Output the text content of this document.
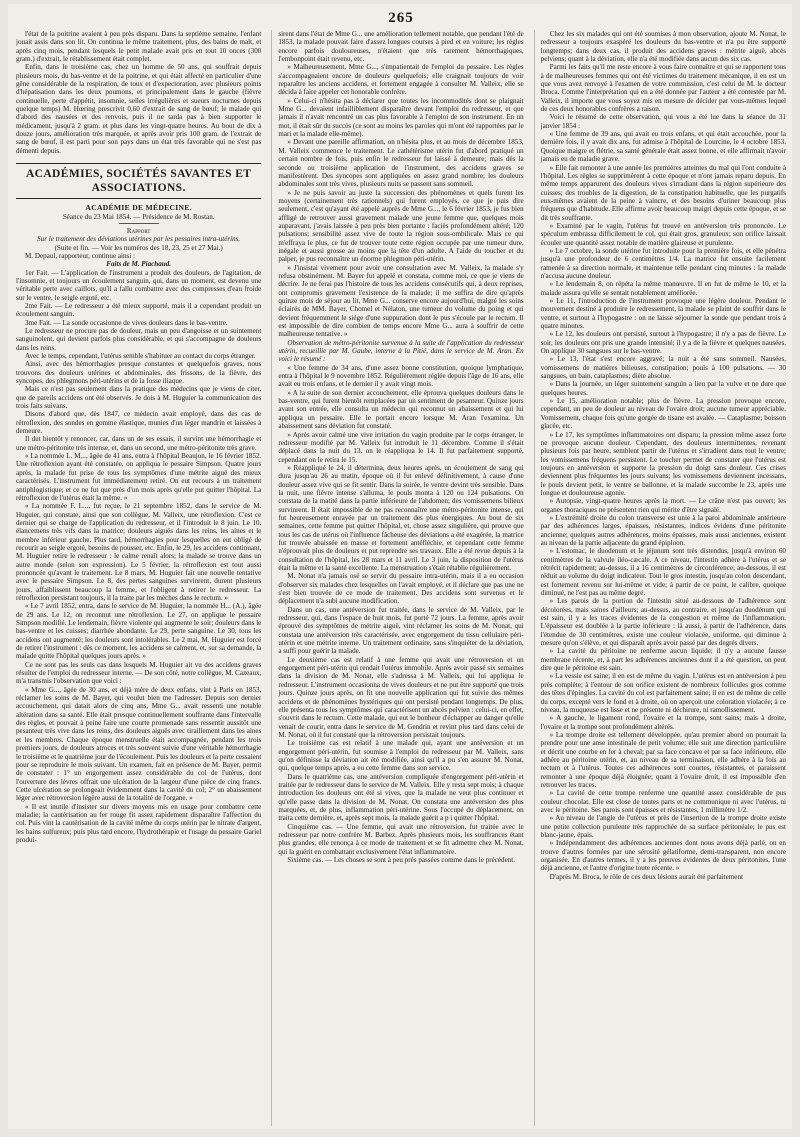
265

l'état de la poitrine avaient à peu près disparu. Dans la septième semaine, l'enfant jouait assis dans son lit. On continua le même traitement, plus, des bains de malt, et après cinq mois, pendant lesquels le petit malade avait pris en tout 10 onces (300 gram.) d'extrait, le rétablissement était complet.

Enfin, dans le troisième cas, chez un homme de 50 ans, qui souffrait depuis plusieurs mois, du bas-ventre et de la poitrine, et qui était affecté en particulier d'une gêne considérable de la respiration, de toux et d'expectoration, avec plusieurs points d'hépatisation dans les deux poumons, et principalement dans le gauche (fièvre continuelle, perte d'appétit, insomnie, selles irrégulières et sueurs nocturnes depuis quelque temps) M. Hœring prescrivit 0,60 d'extrait de sang de bœuf; le malade qui d'abord des nausées et des renvois, puis il ne tarda pas à bien supporter le médicament, jusqu'à 2 gram. et plus dans les vingt-quatre heures. Au bout de dix à douze jours, amélioration très marquée, et après avoir pris 100 gram. de l'extrait de sang de bœuf, il est parti pour son pays dans un état très favorable qui ne s'est pas démenti depuis.

ACADÉMIES, SOCIÉTÉS SAVANTES ET ASSOCIATIONS.

ACADÉMIE DE MÉDECINE.

Séance du 23 Mai 1854. — Présidence de M. Rostan.

Rapport

Sur le traitement des déviations utérines par les pessaires intra-utérins.

(Suite et fin. — Voir les numéros des 18, 23, 25 et 27 Mai.)

M. Depaul, rapporteur, continue ainsi :

Faits de M. Piachaud.

1er Fait. — L'application de l'instrument a produit des douleurs, de l'agitation, de l'insomnie, et toujours un écoulement sanguin, qui, dans un moment, est devenu une véritable perte avec caillots, qu'il a fallu combattre avec des compresses d'eau froide sur le ventre, le seigle ergoté, etc.

2me Fait. — Le redresseur a été mieux supporté, mais il a cependant produit un écoulement sanguin.

3me Fait. — La sonde occasionne de vives douleurs dans le bas-ventre.

Le redresseur ne procure pas de douleur, mais un peu d'angoisse et un suintement sanguinolent, qui devient parfois plus considérable, et qui s'accompagne de douleurs dans les reins.

Avec le temps, cependant, l'utérus semble s'habituer au contact du corps étranger.

Ainsi, avec des hémorrhagies presque constantes et quelquefois graves, nous trouvons des douleurs utérines et abdominales, des frissons, de la fièvre, des syncopes, des phlegmons péri-utérins et de la fosse iliaque.

Mais ce n'est pas seulement dans la pratique des médecins que je viens de citer, que de pareils accidens ont été observés. Je dois à M. Huguier la communication des trois faits suivans.

Disons d'abord que, dès 1847, ce médecin avait employé, dans des cas de rétroflexion, des sondes en gomme élastique, munies d'un léger mandrin et laissées à demeure.

Il dut bientôt y renoncer, car, dans un de ses essais, il survint une hémorrhagie et une métro-péritonite très intense, et, dans un second, une métro-péritonite très grave.

« La nommée L. M..., âgée de 41 ans, entra à l'hôpital Beaujon, le 16 février 1852. Une rétroflexion ayant été constatée, on appliqua le pessaire Simpson. Quatre jours après, la malade fut prise de tous les symptômes d'une métrite aiguë des mieux caractérisés. L'instrument fut immédiatement retiré. On eut recours à un traitement antiphlogistique; et ce ne fut que près d'un mois après qu'elle put quitter l'hôpital. La rétroflexion de l'utérus était la même. »

« La nommée F. L..., fut reçue, le 21 septembre 1852, dans le service de M. Huguier, qui constate, ainsi que son collègue, M. Valleix, une rétroflexion. C'est ce dernier qui se charge de l'application du redresseur, et il l'introduit le 8 juin. Le 10, élancemens très vifs dans la matrice; douleurs aiguës dans les reins, les aines et le membre inférieur gauche. Plus tard, hémorrhagies pour lesquelles on eut obligé de recourir au seigle ergoté, besoins de pousser, etc. Enfin, le 29, les accidens continuant, M. Huguier retire le redresseur : le calme renaît alors; la malade se trouve dans un autre monde (selon son expression). Le 5 février, la rétroflexion est tout aussi prononcée qu'avant le traitement. Le 8 mars, M. Huguier fait une nouvelle tentative avec le pessaire Simpson. Le 8, des pertes sanguines survinrent, durent plusieurs jours, affaiblissent beaucoup la femme, et l'obligent à retirer le redresseur. La rétroflexion persistant toujours, il la traite par les mèches dans le rectum. »

« Le 7 avril 1852, entra, dans le service de M. Huguier, la nommée H... (A.), âgée de 29 ans. Le 12, on reconnut une rétroflexion. Le 27, on applique le pessaire Simpson modifié. Le lendemain, fièvre violente qui augmente le soir; douleurs dans le bas-ventre et les cuisses; diarrhée abondante. Le 29, perte sanguine. Le 30, tous les accidens ont augmenté; les douleurs sont intolérables. Le 2 mai, M. Huguier est forcé de retirer l'instrument : dès ce moment, les accidens se calment, et, sur sa demande, la malade quitte l'hôpital quelques jours après. »

Ce ne sont pas les seuls cas dans lesquels M. Huguier ait vu des accidens graves résulter de l'emploi du redresseur interne. — De son côté, notre collègue, M. Cazeaux, m'a transmis l'observation que voici :

« Mme G..., âgée de 30 ans, et déjà mère de deux enfans, vint à Paris en 1853, réclamer les soins de M. Bayer, qui voulut bien me l'adresser. Depuis son dernier accouchement, qui datait alors de cinq ans, Mme G... avait ressenti une notable altération dans sa santé. Elle était presque continuellement souffrante dans l'intervalle des règles, et pouvait à peine faire une courte promenade sans ressentir aussitôt une pesanteur très vive dans les reins, des douleurs aiguës avec tiraillement dans les aines et les membres. Chaque époque menstruelle était accompagnée, pendant les trois premiers jours, de douleurs atroces et très souvent suivie d'une véritable hémorrhagie le troisième et le quatrième jour de l'écoulement. Puis les douleurs et la perte cessaient pour se reproduire le mois suivant. Un examen, fait en présence de M. Bayer, permit de constater : 1° un engorgement assez considérable du col de l'utérus, dont l'ouverture des lèvres offrait une ulcération de la largeur d'une pièce de cinq francs. Cette ulcération se prolongeait évidemment dans la cavité du col; 2° un abaissement léger avec rétroversion légère aussi de la totalité de l'organe. »

« Il est inutile d'insister sur divers moyens mis en usage pour combattre cette maladie; la cautérisation au fer rouge fit assez rapidement disparaître l'affection du col. Puis vint la cautérisation de la cavité même du corps utérin par le nitrate d'argent, les bains sulfureux; puis plus tard encore, l'hydrothérapie et l'usage du pessaire Gariel produi-

sirent dans l'état de Mme G... une amélioration tellement notable, que pendant l'été de 1853, la malade pouvait faire d'assez longues courses à pied et en voiture; les règles encore parfois douloureuses, n'étaient que très rarement hémorrhagiques, l'embonpoint était revenu, etc.

» Malheureusement, Mme G..., s'impatientait de l'emploi du pessaire. Les règles s'accompagnaient encore de douleurs quelquefois; elle craignait toujours de voir reparaître les anciens accidens, et fortement engagée à consulter M. Valleix, elle se décida à faire appeler cet honorable confrère.

» Celui-ci n'hésita pas à déclarer que toutes les incommodités dont se plaignait Mme G... devaient infailliblement disparaître devant l'emploi du redresseur, et que jamais il n'avait rencontré un cas plus favorable à l'emploi de son instrument. En un mot, il était sûr du succès (ce sont au moins les paroles qui m'ont été rapportées par le mari et la malade elle-même).

» Devant une pareille affirmation, on n'hésita plus, et au mois de décembre 1853, M. Valleix commence le traitement. Le cathétérisme utérin fut d'abord pratiqué un certain nombre de fois, puis enfin le redresseur fut laissé à demeure; mais dès la seconde ou troisième application de l'instrument, des accidens graves se manifestèrent. Des syncopes sont appliquées en assez grand nombre; les douleurs abdominales sont très vives, plusieurs nuits se passent sans sommeil.

» Je ne puis savoir au juste la succession des phénomènes et quels furent les moyens (certainement très rationnels) qui furent employés, ce que je puis dire seulement, c'est qu'ayant été appelé auprès de Mme G..., le 6 février 1853, je fus bien affligé de retrouver aussi gravement malade une jeune femme que, quelques mois auparavant, j'avais laissée à peu près bien portante : faciès profondément altéré; 120 pulsations; sensibilité assez vive de toute la région sous-ombilicale. Mais ce qui m'effraya le plus, ce fut de trouver toute cette région occupée par une tumeur dure, inégale et aussi grosse au moins que la tête d'un adulte. A l'aide du toucher et du palper, je pus reconnaître un énorme phlegmon péri-utérin.

» J'insistai vivement pour avoir une consultation avec M. Valleix, la malade s'y refusa obstinément. M. Bayer fut appelé et constata, comme moi, ce que je viens de décrire. Je ne ferai pas l'histoire de tous les accidens consécutifs qui, à deux reprises, ont compromis gravement l'existence de la malade; il me suffira de dire qu'après quinze mois de séjour au lit, Mme G... conserve encore aujourd'hui, malgré les soins éclairés de MM. Bayer, Chomel et Nélaton, une tumeur du volume du poing et qui devient fréquemment le siége d'une suppuration dont le pus s'écoule par le rectum. Il est impossible de dire combien de temps encore Mme G... aura à souffrir de cette malheureuse tentative. »

Observation de métro-péritonite survenue à la suite de l'application du redresseur utérin, recueillie par M. Gaube, interne à la Pitié, dans le service de M. Aran. En voici le résumé :

« Une femme de 34 ans, d'une assez bonne constitution, quoique lymphatique, entra à l'hôpital le 9 novembre 1852. Régulièrement réglée depuis l'âge de 16 ans, elle avait eu trois enfans, et le dernier il y avait vingt mois.

» A la suite de son dernier accouchement, elle éprouva quelques douleurs dans le bas-ventre, qui furent bientôt remplacées par un sentiment de pesanteur. Quinze jours avant son entrée, elle consulta un médecin qui reconnut un abaissement et qui lui appliqua un pessaire. Elle le portait encore lorsque M. Aran l'examina. Un abaissement sans déviation fut constaté.

» Après avoir calmé une vive irritation du vagin produite par le corps étranger, le redresseur modifié par M. Valleix fut introduit le 11 décembre. Comme il s'était déplacé dans la nuit du 13, on le réappliqua le 14. Il fut parfaitement supporté, cependant on le retira le 15.

» Réappliqué le 24, il détermina, deux heures après, un écoulement de sang qui dura jusqu'au 26 au matin, époque où il fut enlevé définitivement, à cause d'une douleur assez vive qui se fit sentir. Dans la soirée, le ventre devint très sensible. Dans la nuit, une fièvre intense s'alluma, le pouls monta à 120 ou 124 pulsations. On constata de la matité dans la partie inférieure de l'abdomen; des vomissemens bilieux survinrent. Il était impossible de ne pas reconnaître une métro-péritonite intense, qui fut heureusement enrayée par un traitement des plus énergiques. Au bout de six semaines, cette femme put quitter l'hôpital, et, chose assez singulière, qui prouve que tous les cas de utérus où l'influence fâcheuse des déviations a été exagérée, la matrice fut trouvée abaissée en masse et fortement antéfléchie, et cependant cette femme n'éprouvait plus de douleurs et put reprendre ses travaux. Elle a été revue depuis à la consultation de l'hôpital, les 28 mars et 11 avril. Le 3 juin, la disposition de l'utérus était la même et la santé excellente. La menstruation s'était rétablie régulièrement.

M. Nonat n'a jamais osé se servir du pessaire intra-utérin, mais il a eu occasion d'observer six malades chez lesquelles on l'avait employé, et il déclare que pas une ne s'est bien trouvée de ce mode de traitement. Des accidens sont survenus et le déplacement n'a subi aucune modification.

Dans un cas, une antéversion fut traitée, dans le service de M. Valleix, par le redresseur, qui, dans l'espace de huit mois, fut porté 72 jours. La femme, après avoir éprouvé des symptômes de métrite aiguë, vint réclamer les soins de M. Nonat, qui constata une antéversion très caractérisée, avec engorgement du tissu cellulaire péri-utérin et une métrite interne. Un traitement ordinaire, sans s'inquiéter de la déviation, a suffi pour guérir la malade.

Le deuxième cas est relatif à une femme qui avait une rétroversion et un engorgement péri-utérin qui rendait l'utérus immobile. Après avoir passé six semaines dans la division de M. Nonat, elle s'adressa à M. Valleix, qui lui appliqua le redresseur. L'instrument occasionna de vives douleurs et ne put être supporté que trois jours. Quinze jours après, on fit une nouvelle application qui fut suivie des mêmes accidens et de phénomènes hystériques qui ont persisté pendant longtemps. De plus, elle présenta tous les symptômes qui caractérisent un abcès pelvien : celui-ci, en effet, s'ouvrit dans le rectum. Cette malade, qui eut le bonheur d'échapper au danger qu'elle venait de courir, entra dans le service de M. Gendrin et revint plus tard dans celui de M. Nonat, où il fut constaté que la rétroversion persistait toujours.

Le troisième cas est relatif à une malade qui, ayant une antéversion et un engorgement péri-utérin, fut soumise à l'emploi du redresseur par M. Valleix, sans qu'on définisse la déviation ait été modifiée, ainsi qu'il a pu s'en assurer M. Nonat, qui, quelque temps après, a eu cette femme dans son service.

Dans le quatrième cas, une antéversion compliquée d'engorgement péri-utérin et traitée par le redresseur dans le service de M. Valleix. Elle y resta sept mois; à chaque introduction les douleurs ont été si vives, que la malade ne veut plus continuer et qu'elle passe dans la division de M. Nonat. On constata une antéversion des plus marquées, et, de plus, inflammation péri-utérine. Sous l'occupé du déplacement, on traita cette dernière, et, après sept mois, la malade guérit a p i quitter l'hôpital.

Cinquième cas. — Une femme, qui avait une rétroversion, fut traitée avec le redresseur par notre confrère M. Barbez. Après plusieurs mois, les souffrances étant plus grandes, elle renonça à ce mode de traitement et se fit admettre chez M. Nonat, qui la guérit en combattant exclusivement l'état inflammatoire.

Sixième cas. — Les choses se sont à peu près passées comme dans le précédent.

Chez les six malades qui ont été soumises à mon observation, ajoute M. Nonat, le redresseur a toujours exaspéré les douleurs du bas-ventre et n'a pu être supporté longtemps; dans deux cas, il produit des accidens graves : métrite aiguë, abcès pelviens; quant à la déviation, elle n'a été modifiée dans aucun des six cas.

Parmi les faits qu'il me reste encore à vous faire connaître et qui se rapportent tous à de malheureuses femmes qui ont été victimes du traitement mécanique, il en est un que vous avez renvoyé à l'examen de votre commission, c'est celui de M. le docteur Broca. Comme l'interprétation qui en a été donnée par l'auteur a été contestée par M. Valleix, il importe que vous soyez mis en mesure de décider par vous-mêmes lequel de ces deux honorables confrères a raison.

Voici le résumé de cette observation, qui vous a été lue dans la séance du 31 janvier 1854 :

« Une femme de 39 ans, qui avait eu trois enfans, et qui était accouchée, pour la dernière fois, il y avait dix ans, fut admise à l'hôpital de Lourcine, le 4 octobre 1853. Quoique maigre et flétrie, sa santé générale était assez bonne, et elle affirmait n'avoir jamais eu de maladie grave.

» Elle fait remonter à une année les premières atteintes du mal qui l'ont conduite à l'hôpital. Les règles se supprimèrent à cette époque et n'ont jamais reparu depuis. En même temps apparurent des douleurs vives s'irradiant dans la région supérieure des cuisses; des troubles de la digestion, de la constipation habituelle, que les purgatifs eux-mêmes avaient de la peine à vaincre, et des besoins d'uriner beaucoup plus fréquens que d'habitude. Elle affirme avoir beaucoup maigri depuis cette époque, et se dit très souffrante.

» Examiné par le vagin, l'utérus fut trouvé en antéversion très prononcée. Le spéculum embrassa difficilement le col, qui était gros, granuleux; son orifice laissait écouler une quantité assez notable de matière glaireuse et purulente.

» Le 7 octobre, la sonde utérine fut introduite pour la première fois, et elle pénétra jusqu'à une profondeur de 6 centimètres 1/4. La matrice fut ensuite facilement ramenée à sa direction normale, et maintenue telle pendant cinq minutes : la malade n'accusa aucune douleur.

» Le lendemain 8, on répéta la même manœuvre. Il en fut de même le 10, et la malade assura qu'elle se sentait notablement améliorée.

» Le 11, l'introduction de l'instrument provoque une légère douleur. Pendant le mouvement destiné à produire le redressement, la malade se plaint de souffrir dans le ventre, et surtout à l'hypogastre : on ne laisse séjourner la sonde que pendant trois à quatre minutes.

» Le 12, les douleurs ont persisté, surtout à l'hypogastre; il n'y a pas de fièvre. Le soir, les douleurs ont pris une grande intensité; il y a de la fièvre et quelques nausées. On applique 30 sangsues sur le bas-ventre.

» Le 13, l'état s'est encore aggravé; la nuit a été sans sommeil. Nausées, vomissemens de matières bilieuses, constipation; pouls à 100 pulsations. — 30 sangsues, un bain, cataplasmes; diète absolue.

» Dans la journée, un léger suintement sanguin a lieu par la vulve et ne dure que quelques heures.

» Le 15, amélioration notable; plus de fièvre. La pression provoque encore, cependant, un peu de douleur au niveau de l'ovaire droit; aucune tumeur appréciable. Vomissement, chaque fois qu'une gorgée de tisane est avalée. — Cataplasme; boisson glacée, etc.

» Le 17, les symptômes inflammatoires ont disparu; la pression même assez forte ne provoque aucune douleur. Cependant, des douleurs intermittentes, revenant plusieurs fois par heure, semblent partir de l'utérus et s'irradient dans tout le ventre; les vomissemens fréquens persistent. Le toucher permet de constater que l'utérus est toujours en antéversion et supporte la pression du doigt sans douleur. Ces crises deviennent plus fréquentes les jours suivans; les vomissemens deviennent incessans, le pouls devient petit, le ventre se ballonne, et la malade succombe le 23, après une longue et douloureuse agonie.

» Autopsie, vingt-quatre heures après la mort. — Le crâne n'est pas ouvert; les organes thoraciques ne présentent rien qui mérite d'être signalé.

» L'extrémité droite du colon transverse est unie à la paroi abdominale antérieure par des adhérences larges, épaisses, résistantes, indices évidens d'une péritonite ancienne; quelques autres adhérences, moins épaisses, mais aussi anciennes, existent au niveau de la partie adjacente du grand épiploon.

» L'estomac, le duodenum et le jéjunum sont très distendus, jusqu'à environ 60 centimètres de la valvule iléo-cæcale. A ce niveau, l'intestin adhère à l'utérus et se rétrécit rapidement; au-dessus, il a 16 centimètres de circonférence; au-dessous, il est réduit au volume du doigt indicateur. Tout le gros intestin, jusqu'au colon descendant, est fortement revenu sur lui-même et vide; à partir de ce point, le calibre, quoique diminué, ne l'est pas au même degré.

» Les parois de la portion de l'intestin situé au-dessous de l'adhérence sont décolorées, mais saines d'ailleurs; au-dessus, au contraire, et jusqu'au duodénum qui est sain, il y a les traces évidentes de la congestion et même de l'inflammation. L'épaisseur est doublée à la partie inférieure : là aussi, à partir de l'adhérence, dans l'étendue de 30 centimètres, existe une couleur violacée, uniforme, qui diminue à mesure qu'on s'élève, et qui disparaît après avoir passé par des degrés divers.

» La cavité du péritoine ne renferme aucun liquide; il n'y a aucune fausse membrane récente, et, à part les adhérences anciennes dont il a été question, on peut dire que le péritoine est sain.

» La vessie est saine; il en est de même du vagin. L'utérus est en antéversion à peu près complète; à l'entour de son orifice existent de nombreux follicules gros comme des têtes d'épingles. La cavité du col est parfaitement saine; il en est de même de celle du corps, excepté vers le fond et à droite, où on aperçoit une coloration violacée; à ce niveau, la muqueuse est lisse et ne présente ni déchirure, ni ramollissement.

» A gauche, le ligament rond, l'ovaire et la trompe, sont sains; mais à droite, l'ovaire et la trompe sont profondément altérés.

» La trompe droite est tellement développée, qu'au premier abord on pourrait la prendre pour une anse intestinale de petit volume; elle suit une direction particulière et décrit une courbe en fer à cheval; par sa face concave et par sa face inférieure, elle adhère au péritoine utérin, et, au niveau de sa terminaison, elle adhère à la fois au rectum et à l'utérus. Toutes ces adhérences sont courtes, résistantes, et paraissent remonter à une époque déjà éloignée; quant à l'ovaire droit, il est impossible d'en retrouver les traces.

» La cavité de cette trompe renferme une quantité assez considérable de pus couleur chocolat. Elle est close de toutes parts et ne communique ni avec l'utérus, ni avec le péritoine. Ses parois sont épaisses et résistantes, 1 millimètre 1/2.

» Au niveau de l'angle de l'utérus et près de l'insertion de la trompe droite existe une petite collection purulente très rapprochée de sa surface péritonéale; le pus est blanc-jaune, épais.

» Indépendamment des adhérences anciennes dont nous avons déjà parlé, on en trouve d'autres formées par une sérosité gélatiforme, demi-transparent, non encore organisée. En d'autres termes, il y a les preuves évidentes de deux péritonites, l'une déjà ancienne, et l'autre d'origine toute récente. »

D'après M. Broca, le rôle de ces deux lésions aurait été parfaitement
